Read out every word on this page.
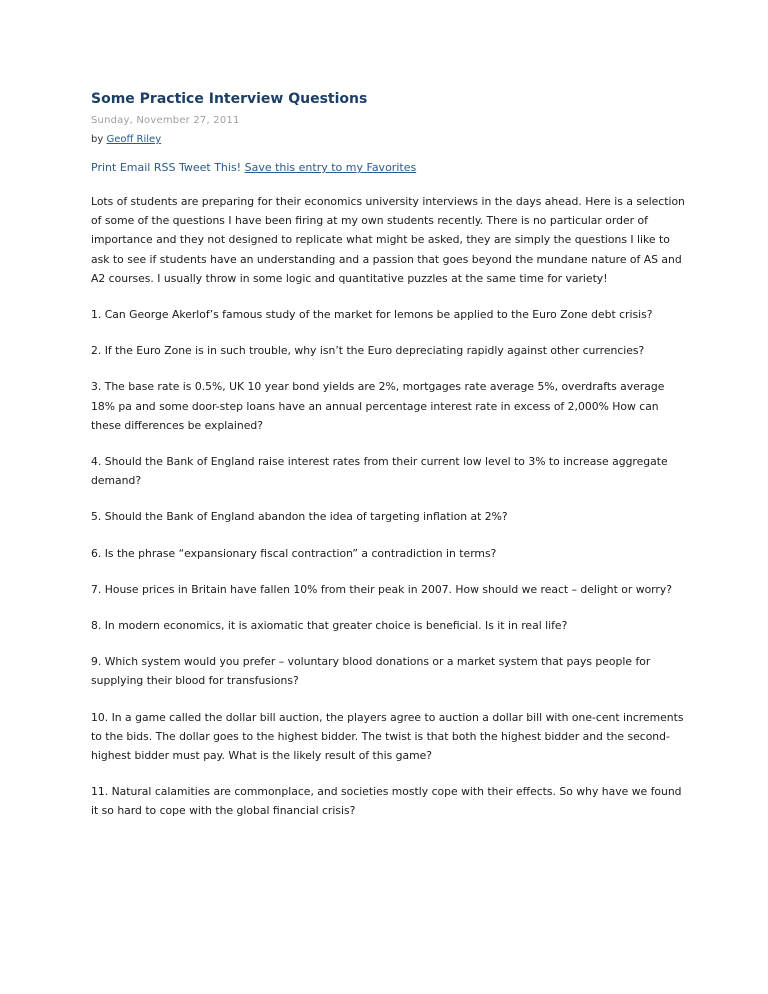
Some Practice Interview Questions
Sunday, November 27, 2011
by Geoff Riley
Print Email RSS Tweet This! Save this entry to my Favorites

Lots of students are preparing for their economics university interviews in the days ahead. Here is a selection of some of the questions I have been firing at my own students recently. There is no particular order of importance and they not designed to replicate what might be asked, they are simply the questions I like to ask to see if students have an understanding and a passion that goes beyond the mundane nature of AS and A2 courses. I usually throw in some logic and quantitative puzzles at the same time for variety!

1. Can George Akerlof’s famous study of the market for lemons be applied to the Euro Zone debt crisis?

2. If the Euro Zone is in such trouble, why isn’t the Euro depreciating rapidly against other currencies?

3. The base rate is 0.5%, UK 10 year bond yields are 2%, mortgages rate average 5%, overdrafts average 18% pa and some door-step loans have an annual percentage interest rate in excess of 2,000% How can these differences be explained?

4. Should the Bank of England raise interest rates from their current low level to 3% to increase aggregate demand?

5. Should the Bank of England abandon the idea of targeting inflation at 2%?

6. Is the phrase “expansionary fiscal contraction” a contradiction in terms?

7. House prices in Britain have fallen 10% from their peak in 2007. How should we react – delight or worry?

8. In modern economics, it is axiomatic that greater choice is beneficial. Is it in real life?

9. Which system would you prefer – voluntary blood donations or a market system that pays people for supplying their blood for transfusions?

10. In a game called the dollar bill auction, the players agree to auction a dollar bill with one-cent increments to the bids. The dollar goes to the highest bidder. The twist is that both the highest bidder and the second-highest bidder must pay. What is the likely result of this game?

11. Natural calamities are commonplace, and societies mostly cope with their effects. So why have we found it so hard to cope with the global financial crisis?
